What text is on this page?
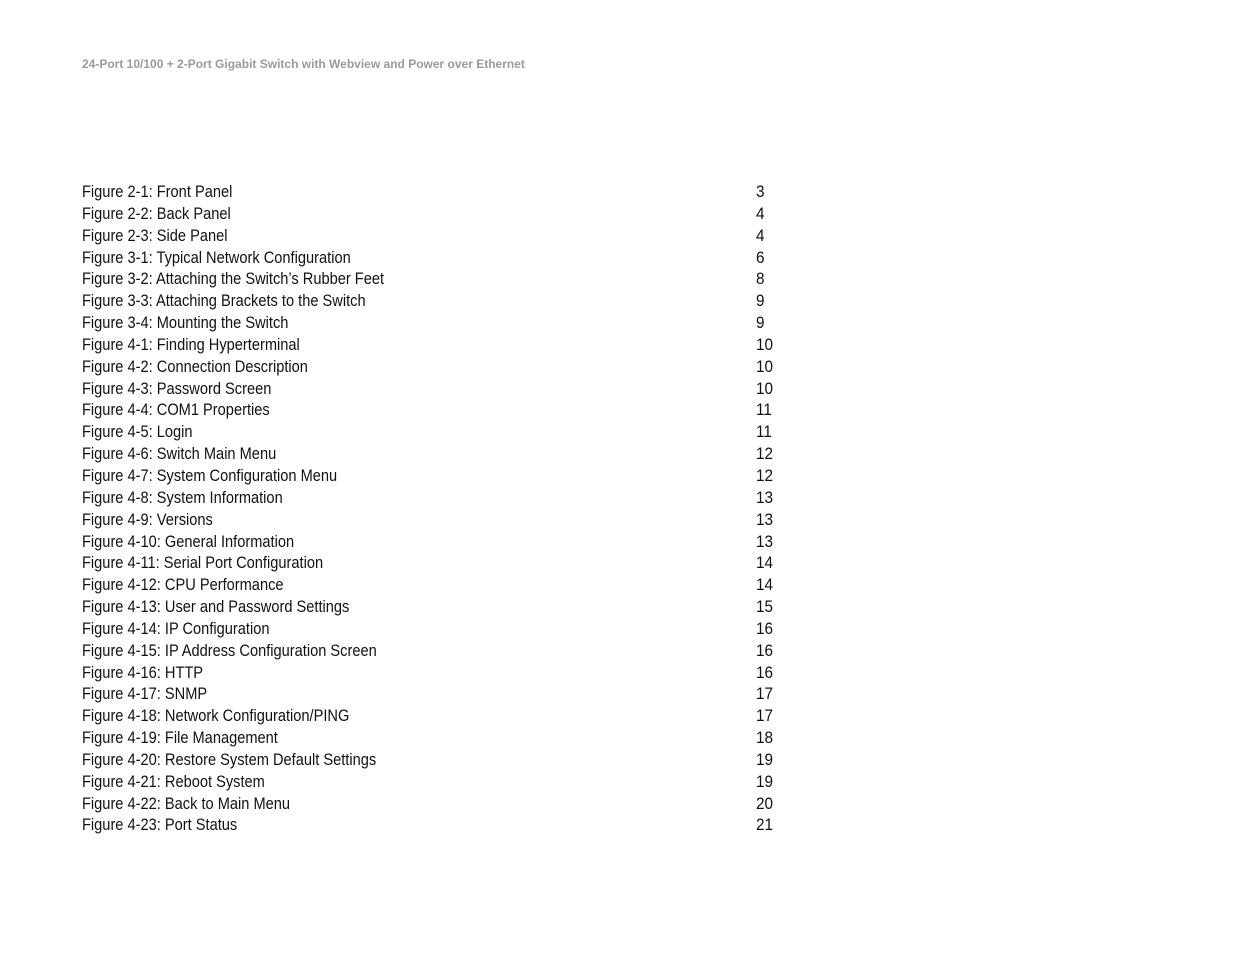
24-Port 10/100 + 2-Port Gigabit Switch with Webview and Power over Ethernet
Figure 2-1: Front Panel	3
Figure 2-2: Back Panel	4
Figure 2-3: Side Panel	4
Figure 3-1: Typical Network Configuration	6
Figure 3-2: Attaching the Switch’s Rubber Feet	8
Figure 3-3: Attaching Brackets to the Switch	9
Figure 3-4: Mounting the Switch	9
Figure 4-1: Finding Hyperterminal	10
Figure 4-2: Connection Description	10
Figure 4-3: Password Screen	10
Figure 4-4: COM1 Properties	11
Figure 4-5: Login	11
Figure 4-6: Switch Main Menu	12
Figure 4-7: System Configuration Menu	12
Figure 4-8: System Information	13
Figure 4-9: Versions	13
Figure 4-10: General Information	13
Figure 4-11: Serial Port Configuration	14
Figure 4-12: CPU Performance	14
Figure 4-13: User and Password Settings	15
Figure 4-14: IP Configuration	16
Figure 4-15: IP Address Configuration Screen	16
Figure 4-16: HTTP	16
Figure 4-17: SNMP	17
Figure 4-18: Network Configuration/PING	17
Figure 4-19: File Management	18
Figure 4-20: Restore System Default Settings	19
Figure 4-21: Reboot System	19
Figure 4-22: Back to Main Menu	20
Figure 4-23: Port Status	21
